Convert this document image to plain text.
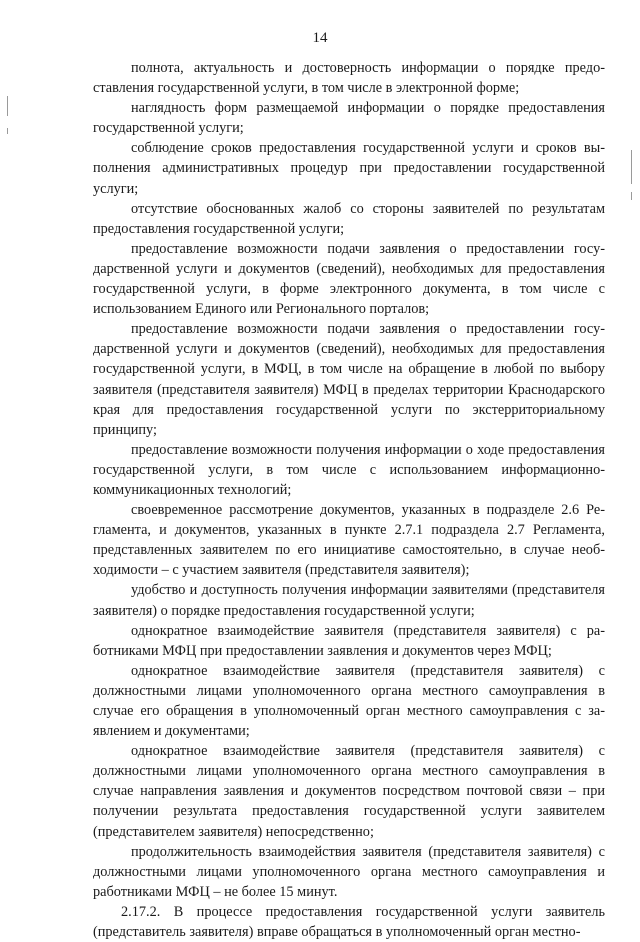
14

полнота, актуальность и достоверность информации о порядке предоставления государственной услуги, в том числе в электронной форме;

наглядность форм размещаемой информации о порядке предоставления государственной услуги;

соблюдение сроков предоставления государственной услуги и сроков выполнения административных процедур при предоставлении государственной услуги;

отсутствие обоснованных жалоб со стороны заявителей по результатам предоставления государственной услуги;

предоставление возможности подачи заявления о предоставлении государственной услуги и документов (сведений), необходимых для предоставления государственной услуги, в форме электронного документа, в том числе с использованием Единого или Регионального порталов;

предоставление возможности подачи заявления о предоставлении государственной услуги и документов (сведений), необходимых для предоставления государственной услуги, в МФЦ, в том числе на обращение в любой по выбору заявителя (представителя заявителя) МФЦ в пределах территории Краснодарского края для предоставления государственной услуги по экстерриториальному принципу;

предоставление возможности получения информации о ходе предоставления государственной услуги, в том числе с использованием информационно-коммуникационных технологий;

своевременное рассмотрение документов, указанных в подразделе 2.6 Регламента, и документов, указанных в пункте 2.7.1 подраздела 2.7 Регламента, представленных заявителем по его инициативе самостоятельно, в случае необходимости – с участием заявителя (представителя заявителя);

удобство и доступность получения информации заявителями (представителя заявителя) о порядке предоставления государственной услуги;

однократное взаимодействие заявителя (представителя заявителя) с работниками МФЦ при предоставлении заявления и документов через МФЦ;

однократное взаимодействие заявителя (представителя заявителя) с должностными лицами уполномоченного органа местного самоуправления в случае его обращения в уполномоченный орган местного самоуправления с заявлением и документами;

однократное взаимодействие заявителя (представителя заявителя) с должностными лицами уполномоченного органа местного самоуправления в случае направления заявления и документов посредством почтовой связи – при получении результата предоставления государственной услуги заявителем (представителем заявителя) непосредственно;

продолжительность взаимодействия заявителя (представителя заявителя) с должностными лицами уполномоченного органа местного самоуправления и работниками МФЦ – не более 15 минут.

2.17.2. В процессе предоставления государственной услуги заявитель (представитель заявителя) вправе обращаться в уполномоченный орган местно-
